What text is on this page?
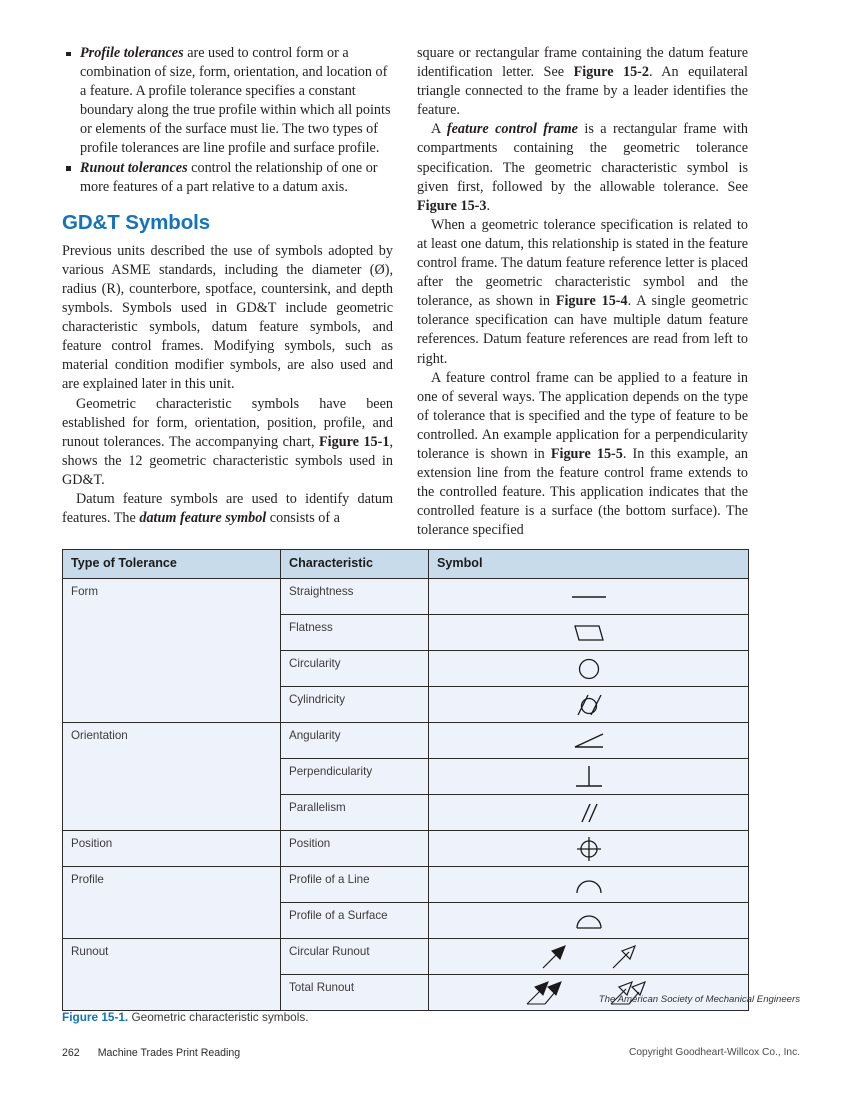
Profile tolerances are used to control form or a combination of size, form, orientation, and location of a feature. A profile tolerance specifies a constant boundary along the true profile within which all points or elements of the surface must lie. The two types of profile tolerances are line profile and surface profile.
Runout tolerances control the relationship of one or more features of a part relative to a datum axis.
GD&T Symbols

Previous units described the use of symbols adopted by various ASME standards, including the diameter (Ø), radius (R), counterbore, spotface, countersink, and depth symbols. Symbols used in GD&T include geometric characteristic symbols, datum feature symbols, and feature control frames. Modifying symbols, such as material condition modifier symbols, are also used and are explained later in this unit.

Geometric characteristic symbols have been established for form, orientation, position, profile, and runout tolerances. The accompanying chart, Figure 15-1, shows the 12 geometric characteristic symbols used in GD&T.

Datum feature symbols are used to identify datum features. The datum feature symbol consists of a

square or rectangular frame containing the datum feature identification letter. See Figure 15-2. An equilateral triangle connected to the frame by a leader identifies the feature.

A feature control frame is a rectangular frame with compartments containing the geometric tolerance specification. The geometric characteristic symbol is given first, followed by the allowable tolerance. See Figure 15-3.

When a geometric tolerance specification is related to at least one datum, this relationship is stated in the feature control frame. The datum feature reference letter is placed after the geometric characteristic symbol and the tolerance, as shown in Figure 15-4. A single geometric tolerance specification can have multiple datum feature references. Datum feature references are read from left to right.

A feature control frame can be applied to a feature in one of several ways. The application depends on the type of tolerance that is specified and the type of feature to be controlled. An example application for a perpendicularity tolerance is shown in Figure 15-5. In this example, an extension line from the feature control frame extends to the controlled feature. This application indicates that the controlled feature is a surface (the bottom surface). The tolerance specified

Type of Tolerance	Characteristic	Symbol
Form	Straightness	

	Flatness	

	Circularity	

	Cylindricity	

Orientation	Angularity	

	Perpendicularity	

	Parallelism	

Position	Position	

Profile	Profile of a Line	

	Profile of a Surface	

Runout	Circular Runout	

	Total Runout	
The American Society of Mechanical Engineers
Figure 15-1. Geometric characteristic symbols.
262 Machine Trades Print Reading	Copyright Goodheart-Willcox Co., Inc.
